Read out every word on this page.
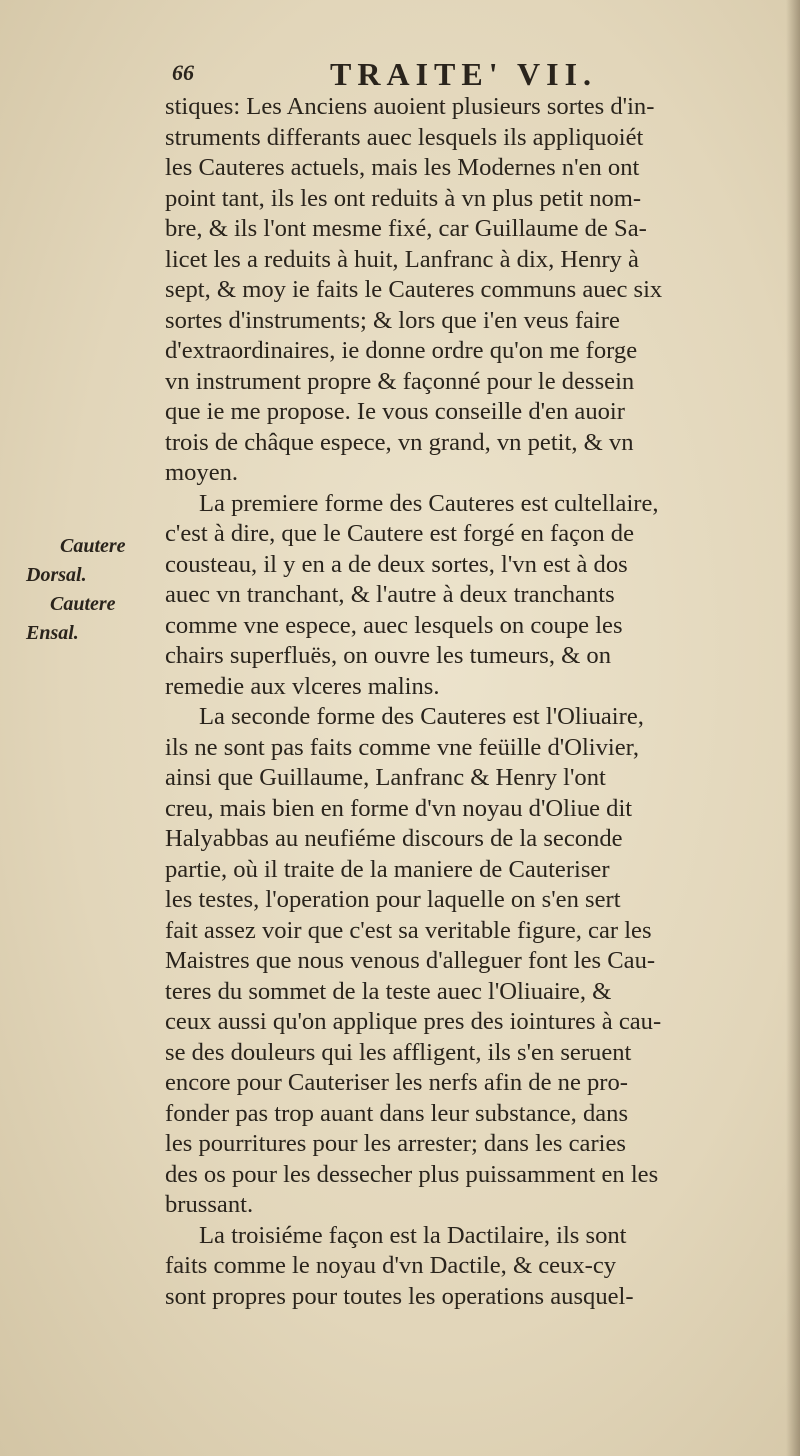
66	TRAITE' VII.
Cautere
Dorsal.
Cautere
Ensal.
stiques: Les Anciens auoient plusieurs sortes d'in-
struments differants auec lesquels ils appliquoiét
les Cauteres actuels, mais les Modernes n'en ont
point tant, ils les ont reduits à vn plus petit nom-
bre, & ils l'ont mesme fixé, car Guillaume de Sa-
licet les a reduits à huit, Lanfranc à dix, Henry à
sept, & moy ie faits le Cauteres communs auec six
sortes d'instruments; & lors que i'en veus faire
d'extraordinaires, ie donne ordre qu'on me forge
vn instrument propre & façonné pour le dessein
que ie me propose. Ie vous conseille d'en auoir
trois de châque espece, vn grand, vn petit, & vn
moyen.
La premiere forme des Cauteres est cultellaire,
c'est à dire, que le Cautere est forgé en façon de
cousteau, il y en a de deux sortes, l'vn est à dos
auec vn tranchant, & l'autre à deux tranchants
comme vne espece, auec lesquels on coupe les
chairs superfluës, on ouvre les tumeurs, & on
remedie aux vlceres malins.
La seconde forme des Cauteres est l'Oliuaire,
ils ne sont pas faits comme vne feüille d'Olivier,
ainsi que Guillaume, Lanfranc & Henry l'ont
creu, mais bien en forme d'vn noyau d'Oliue dit
Halyabbas au neufiéme discours de la seconde
partie, où il traite de la maniere de Cauteriser
les testes, l'operation pour laquelle on s'en sert
fait assez voir que c'est sa veritable figure, car les
Maistres que nous venous d'alleguer font les Cau-
teres du sommet de la teste auec l'Oliuaire, &
ceux aussi qu'on applique pres des iointures à cau-
se des douleurs qui les affligent, ils s'en seruent
encore pour Cauteriser les nerfs afin de ne pro-
fonder pas trop auant dans leur substance, dans
les pourritures pour les arrester; dans les caries
des os pour les dessecher plus puissamment en les
brussant.
La troisiéme façon est la Dactilaire, ils sont
faits comme le noyau d'vn Dactile, & ceux-cy
sont propres pour toutes les operations ausquel-
